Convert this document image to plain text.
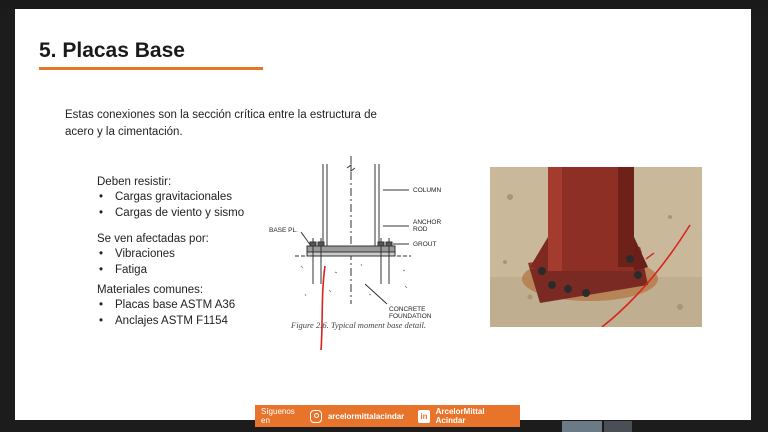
5. Placas Base
Estas conexiones son la sección crítica entre la estructura de acero y la cimentación.
Deben resistir:
• Cargas gravitacionales
• Cargas de viento y sismo
Se ven afectadas por:
• Vibraciones
• Fatiga
Materiales comunes:
• Placas base ASTM A36
• Anclajes ASTM F1154
COLUMN
ANCHOR
ROD
GROUT
BASE PL.
CONCRETE
FOUNDATION
Figure 2.6. Typical moment base detail.
Síguenos en	arcelormittalacindar in ArcelorMittal Acindar
